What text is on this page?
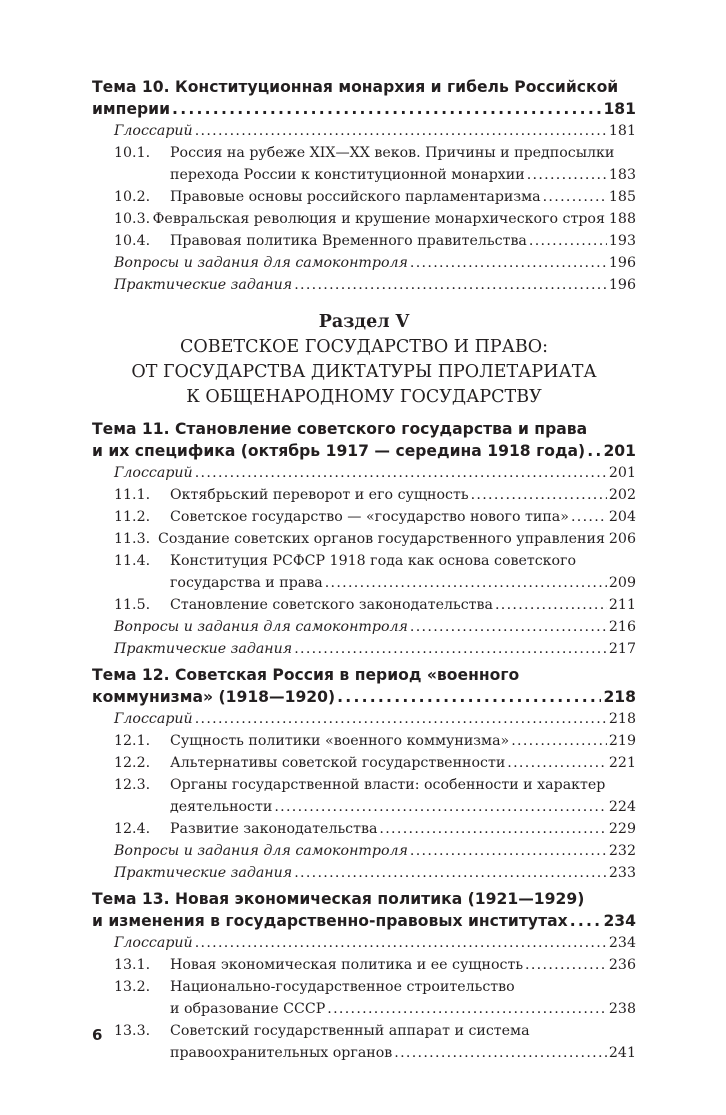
Тема 10. Конституционная монархия и гибель Российской
империи . . .	181
Глоссарий . . .	181
10.1.	Россия на рубеже XIX—XX веков. Причины и предпосылки
перехода России к конституционной монархии . . .	183
10.2.	Правовые основы российского парламентаризма . . .	185
10.3. Февральская революция и крушение монархического строя 188
10.4.	Правовая политика Временного правительства . . .	193
Вопросы и задания для самоконтроля . . .	196
Практические задания . . .	196
Раздел V
СОВЕТСКОЕ ГОСУДАРСТВО И ПРАВО:
ОТ ГОСУДАРСТВА ДИКТАТУРЫ ПРОЛЕТАРИАТА
К ОБЩЕНАРОДНОМУ ГОСУДАРСТВУ
Тема 11. Становление советского государства и права
и их специфика (октябрь 1917 — середина 1918 года) . . . 201
Глоссарий . . .	201
11.1.	Октябрьский переворот и его сущность . . .	202
11.2.	Советское государство — «государство нового типа» . . .	204
11.3. Создание советских органов государственного управления 206
11.4.	Конституция РСФСР 1918 года как основа советского
государства и права . . .	209
11.5.	Становление советского законодательства . . .	211
Вопросы и задания для самоконтроля . . .	216
Практические задания . . .	217
Тема 12. Советская Россия в период «военного
коммунизма» (1918—1920) . . .	218
Глоссарий . . .	218
12.1.	Сущность политики «военного коммунизма» . . .	219
12.2.	Альтернативы советской государственности . . .	221
12.3.	Органы государственной власти: особенности и характер
деятельности . . .	224
12.4.	Развитие законодательства . . .	229
Вопросы и задания для самоконтроля . . .	232
Практические задания . . .	233
Тема 13. Новая экономическая политика (1921—1929)
и изменения в государственно-правовых институтах . . . 234
Глоссарий . . .	234
13.1.	Новая экономическая политика и ее сущность . . .	236
13.2.	Национально-государственное строительство
и образование СССР . . .	238
13.3.	Советский государственный аппарат и система
правоохранительных органов . . .	241
6
